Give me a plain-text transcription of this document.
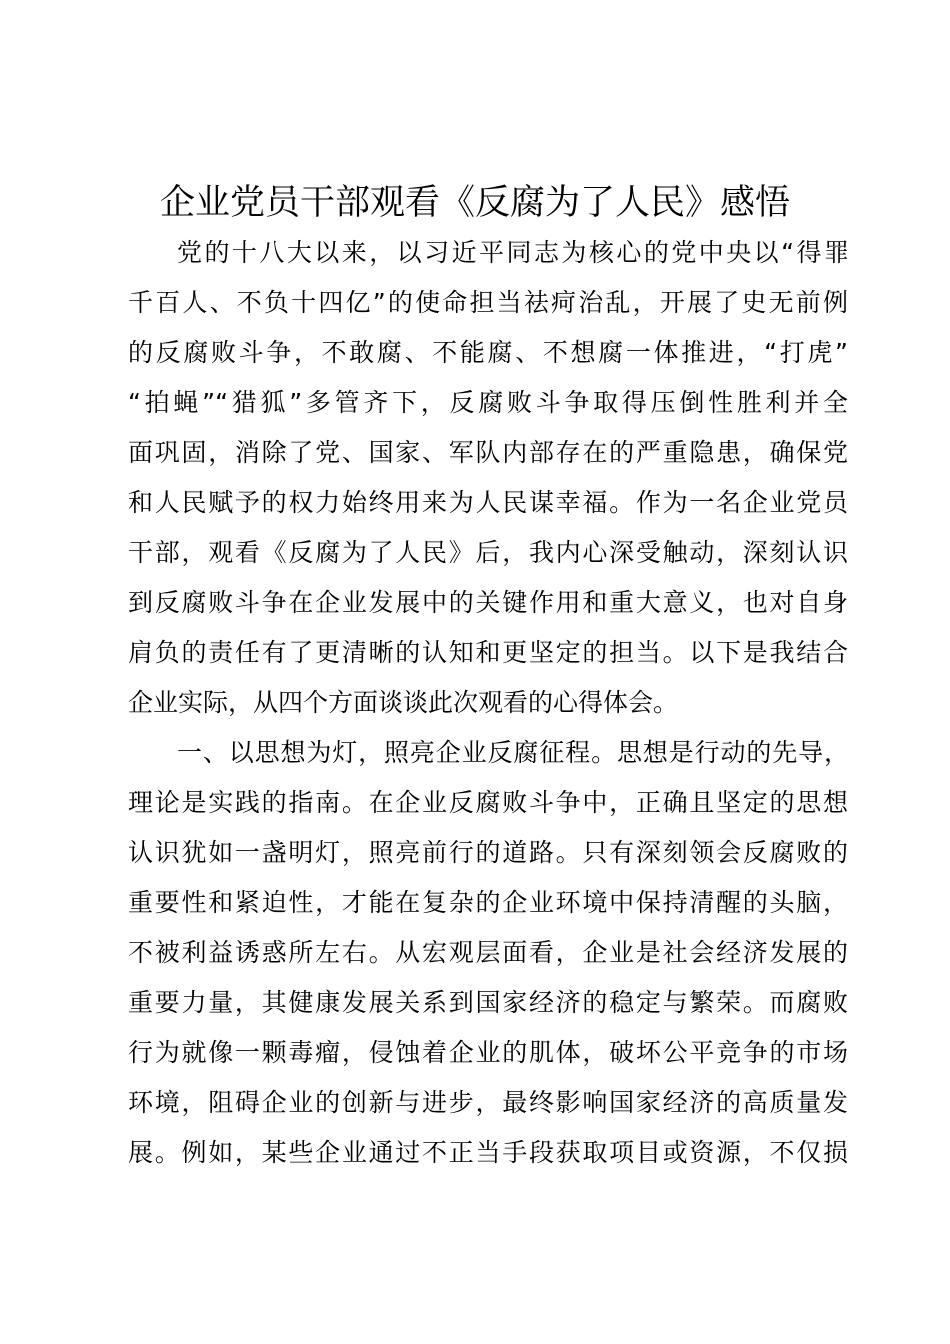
企业党员干部观看《反腐为了人民》感悟
党的十八大以来，以习近平同志为核心的党中央以“得罪
千百人、不负十四亿”的使命担当祛疴治乱，开展了史无前例
的反腐败斗争，不敢腐、不能腐、不想腐一体推进，“打虎”
“拍蝇”“猎狐”多管齐下，反腐败斗争取得压倒性胜利并全
面巩固，消除了党、国家、军队内部存在的严重隐患，确保党
和人民赋予的权力始终用来为人民谋幸福。作为一名企业党员
干部，观看《反腐为了人民》后，我内心深受触动，深刻认识
到反腐败斗争在企业发展中的关键作用和重大意义，也对自身
肩负的责任有了更清晰的认知和更坚定的担当。以下是我结合
企业实际，从四个方面谈谈此次观看的心得体会。
一、以思想为灯，照亮企业反腐征程。思想是行动的先导，
理论是实践的指南。在企业反腐败斗争中，正确且坚定的思想
认识犹如一盏明灯，照亮前行的道路。只有深刻领会反腐败的
重要性和紧迫性，才能在复杂的企业环境中保持清醒的头脑，
不被利益诱惑所左右。从宏观层面看，企业是社会经济发展的
重要力量，其健康发展关系到国家经济的稳定与繁荣。而腐败
行为就像一颗毒瘤，侵蚀着企业的肌体，破坏公平竞争的市场
环境，阻碍企业的创新与进步，最终影响国家经济的高质量发
展。例如，某些企业通过不正当手段获取项目或资源，不仅损
